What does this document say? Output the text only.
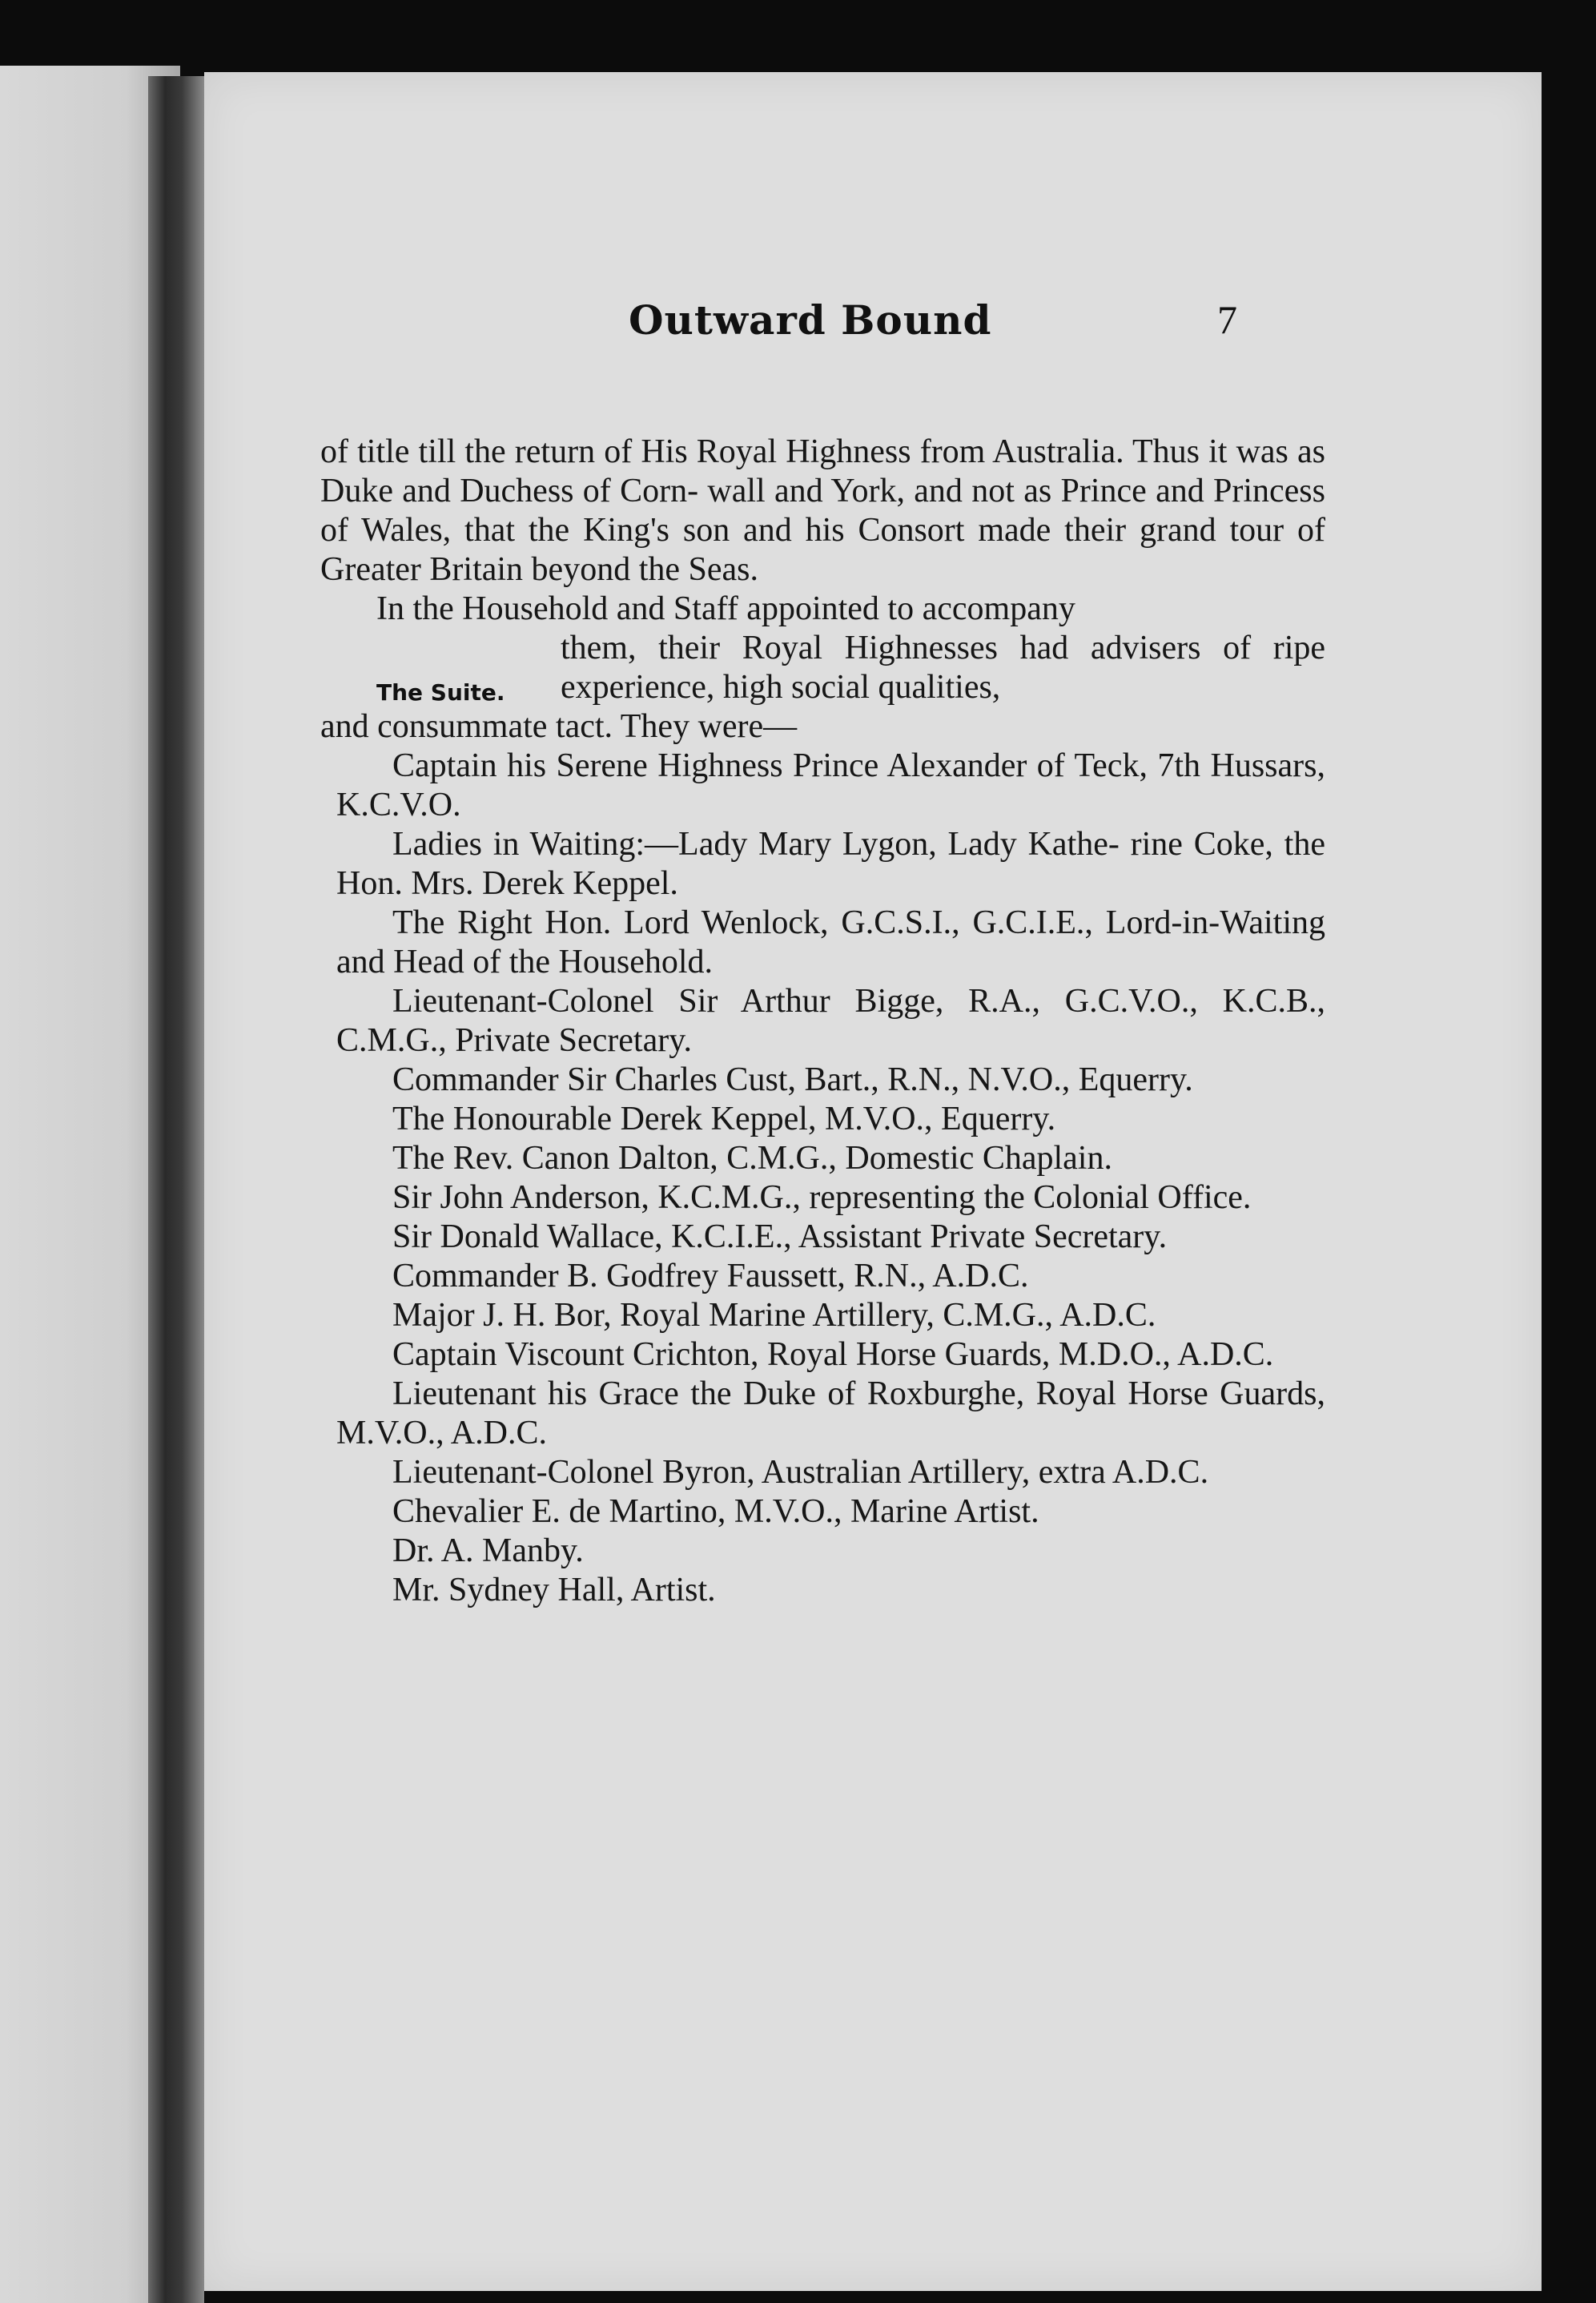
Outward Bound	7

of title till the return of His Royal Highness from Australia. Thus it was as Duke and Duchess of Corn- wall and York, and not as Prince and Princess of Wales, that the King's son and his Consort made their grand tour of Greater Britain beyond the Seas.

In the Household and Staff appointed to accompany

The Suite.

them, their Royal Highnesses had advisers of ripe experience, high social qualities,

and consummate tact. They were—

Captain his Serene Highness Prince Alexander of Teck, 7th Hussars, K.C.V.O.

Ladies in Waiting:—Lady Mary Lygon, Lady Kathe- rine Coke, the Hon. Mrs. Derek Keppel.

The Right Hon. Lord Wenlock, G.C.S.I., G.C.I.E., Lord-in-Waiting and Head of the Household.

Lieutenant-Colonel Sir Arthur Bigge, R.A., G.C.V.O., K.C.B., C.M.G., Private Secretary.

Commander Sir Charles Cust, Bart., R.N., N.V.O., Equerry.

The Honourable Derek Keppel, M.V.O., Equerry.

The Rev. Canon Dalton, C.M.G., Domestic Chaplain.

Sir John Anderson, K.C.M.G., representing the Colonial Office.

Sir Donald Wallace, K.C.I.E., Assistant Private Secretary.

Commander B. Godfrey Faussett, R.N., A.D.C.

Major J. H. Bor, Royal Marine Artillery, C.M.G., A.D.C.

Captain Viscount Crichton, Royal Horse Guards, M.D.O., A.D.C.

Lieutenant his Grace the Duke of Roxburghe, Royal Horse Guards, M.V.O., A.D.C.

Lieutenant-Colonel Byron, Australian Artillery, extra A.D.C.

Chevalier E. de Martino, M.V.O., Marine Artist.

Dr. A. Manby.

Mr. Sydney Hall, Artist.
